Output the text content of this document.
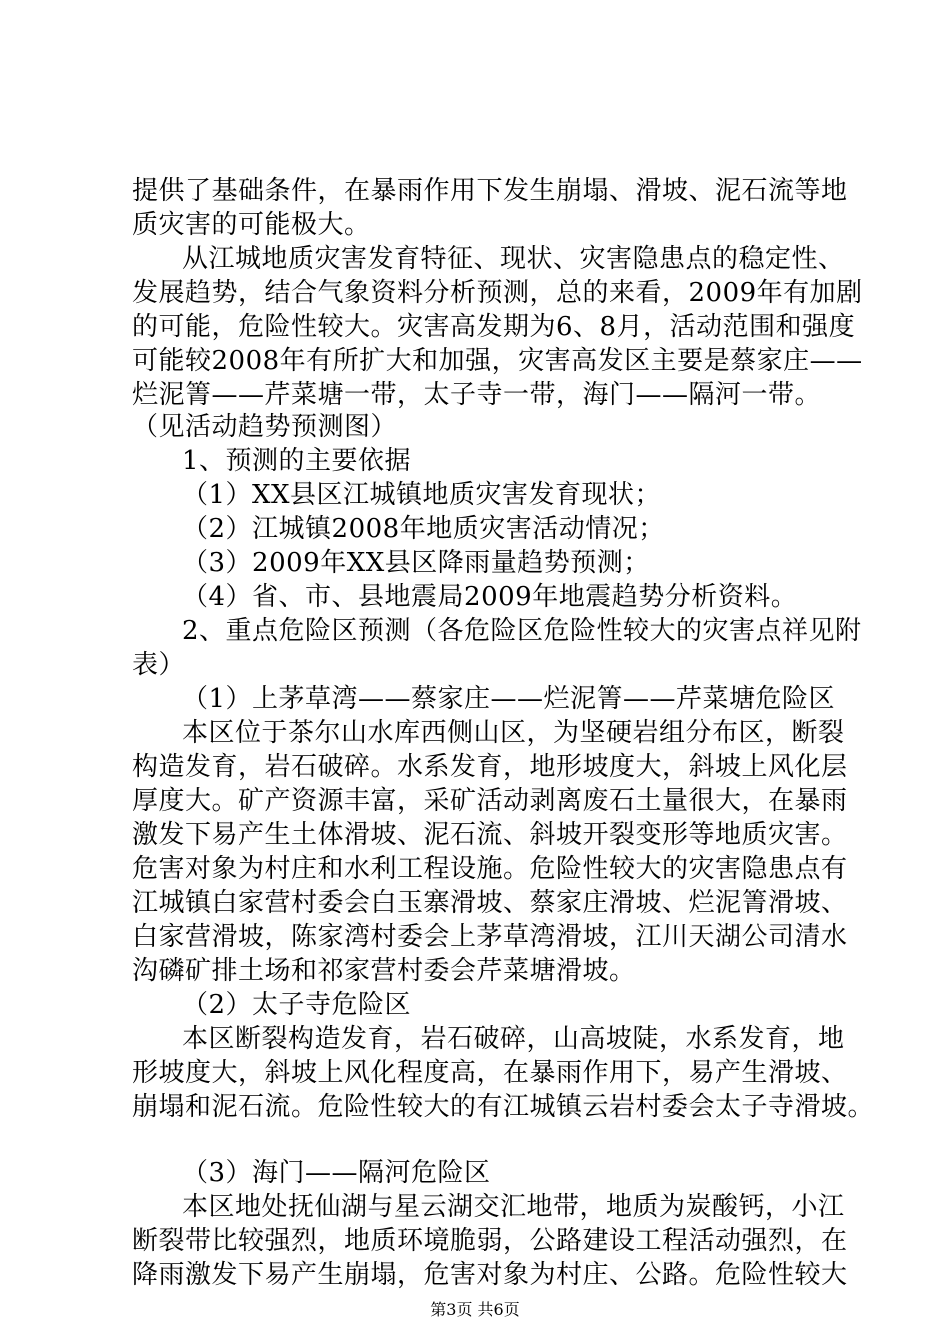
提供了基础条件，在暴雨作用下发生崩塌、滑坡、泥石流等地
质灾害的可能极大。
从江城地质灾害发育特征、现状、灾害隐患点的稳定性、
发展趋势，结合气象资料分析预测，总的来看，2009年有加剧
的可能，危险性较大。灾害高发期为6、8月，活动范围和强度
可能较2008年有所扩大和加强，灾害高发区主要是蔡家庄——
烂泥箐——芹菜塘一带，太子寺一带，海门——隔河一带。
（见活动趋势预测图）
1、预测的主要依据
（1）XX县区江城镇地质灾害发育现状；
（2）江城镇2008年地质灾害活动情况；
（3）2009年XX县区降雨量趋势预测；
（4）省、市、县地震局2009年地震趋势分析资料。
2、重点危险区预测（各危险区危险性较大的灾害点祥见附
表）
（1）上茅草湾——蔡家庄——烂泥箐——芹菜塘危险区
本区位于茶尔山水库西侧山区，为坚硬岩组分布区，断裂
构造发育，岩石破碎。水系发育，地形坡度大，斜坡上风化层
厚度大。矿产资源丰富，采矿活动剥离废石土量很大，在暴雨
激发下易产生土体滑坡、泥石流、斜坡开裂变形等地质灾害。
危害对象为村庄和水利工程设施。危险性较大的灾害隐患点有
江城镇白家营村委会白玉寨滑坡、蔡家庄滑坡、烂泥箐滑坡、
白家营滑坡，陈家湾村委会上茅草湾滑坡，江川天湖公司清水
沟磷矿排土场和祁家营村委会芹菜塘滑坡。
（2）太子寺危险区
本区断裂构造发育，岩石破碎，山高坡陡，水系发育，地
形坡度大，斜坡上风化程度高，在暴雨作用下，易产生滑坡、
崩塌和泥石流。危险性较大的有江城镇云岩村委会太子寺滑坡。
（3）海门——隔河危险区
本区地处抚仙湖与星云湖交汇地带，地质为炭酸钙，小江
断裂带比较强烈，地质环境脆弱，公路建设工程活动强烈，在
降雨激发下易产生崩塌，危害对象为村庄、公路。危险性较大
第3页 共6页
